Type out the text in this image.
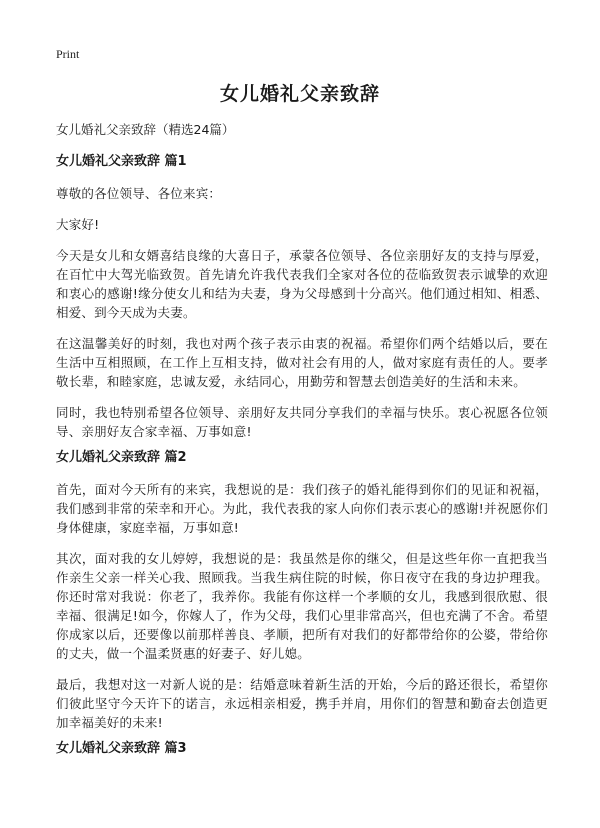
Print
女儿婚礼父亲致辞

女儿婚礼父亲致辞（精选24篇）

女儿婚礼父亲致辞 篇1

尊敬的各位领导、各位来宾：

大家好!

今天是女儿和女婿喜结良缘的大喜日子，承蒙各位领导、各位亲朋好友的支持与厚爱，在百忙中大驾光临致贺。首先请允许我代表我们全家对各位的莅临致贺表示诚挚的欢迎和衷心的感谢!缘分使女儿和结为夫妻，身为父母感到十分高兴。他们通过相知、相悉、相爱、到今天成为夫妻。

在这温馨美好的时刻，我也对两个孩子表示由衷的祝福。希望你们两个结婚以后，要在生活中互相照顾，在工作上互相支持，做对社会有用的人，做对家庭有责任的人。要孝敬长辈，和睦家庭，忠诚友爱，永结同心，用勤劳和智慧去创造美好的生活和未来。

同时，我也特别希望各位领导、亲朋好友共同分享我们的幸福与快乐。衷心祝愿各位领导、亲朋好友合家幸福、万事如意!

女儿婚礼父亲致辞 篇2

首先，面对今天所有的来宾，我想说的是：我们孩子的婚礼能得到你们的见证和祝福，我们感到非常的荣幸和开心。为此，我代表我的家人向你们表示衷心的感谢!并祝愿你们身体健康，家庭幸福，万事如意!

其次，面对我的女儿婷婷，我想说的是：我虽然是你的继父，但是这些年你一直把我当作亲生父亲一样关心我、照顾我。当我生病住院的时候，你日夜守在我的身边护理我。你还时常对我说：你老了，我养你。我能有你这样一个孝顺的女儿，我感到很欣慰、很幸福、很满足!如今，你嫁人了，作为父母，我们心里非常高兴，但也充满了不舍。希望你成家以后，还要像以前那样善良、孝顺，把所有对我们的好都带给你的公婆，带给你的丈夫，做一个温柔贤惠的好妻子、好儿媳。

最后，我想对这一对新人说的是：结婚意味着新生活的开始，今后的路还很长，希望你们彼此坚守今天许下的诺言，永远相亲相爱，携手并肩，用你们的智慧和勤奋去创造更加幸福美好的未来!

女儿婚礼父亲致辞 篇3
